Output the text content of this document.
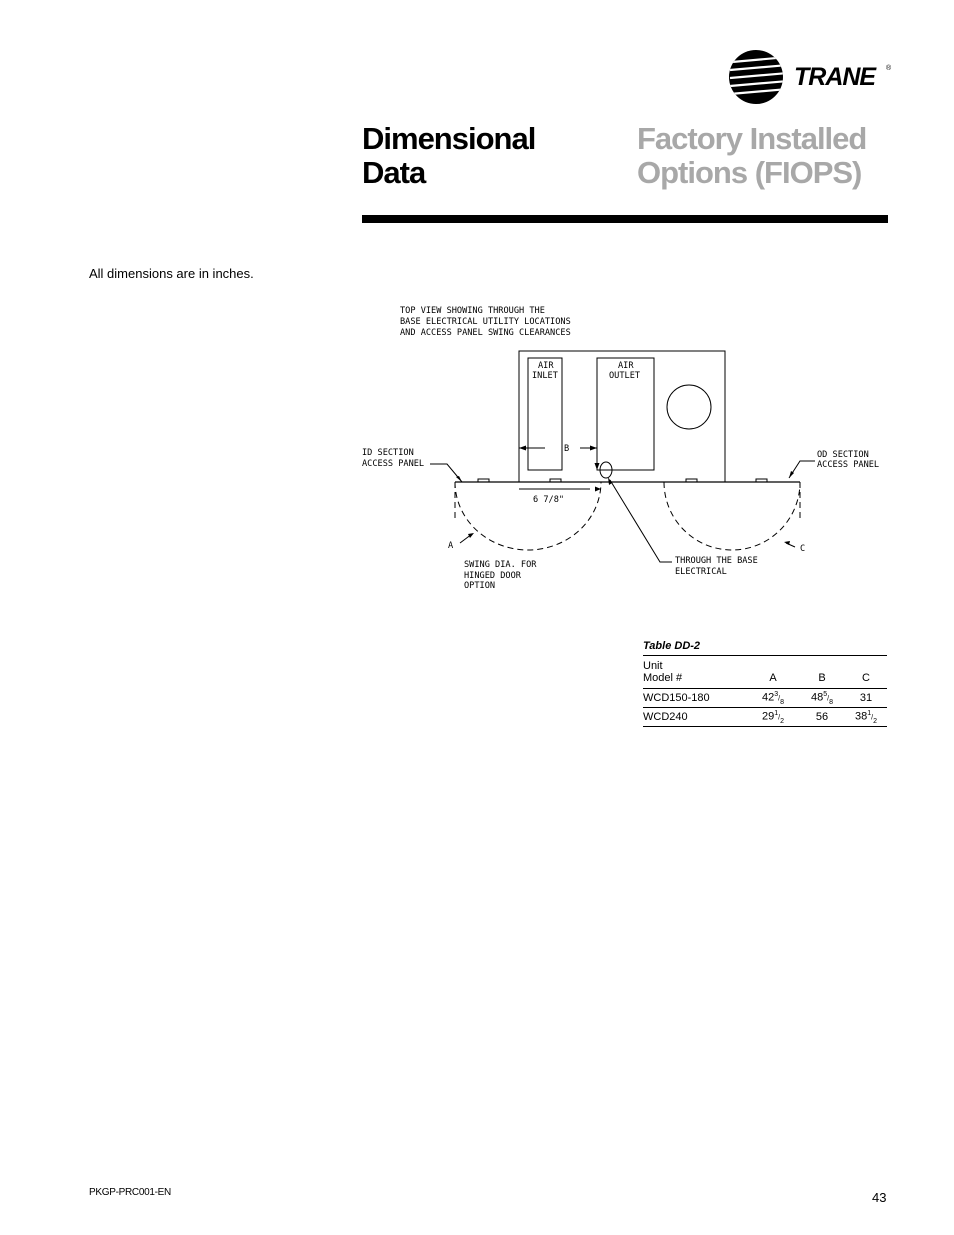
TRANE	®
Dimensional
Data
Factory Installed
Options (FIOPS)
All dimensions are in inches.
TOP VIEW SHOWING THROUGH THE
BASE ELECTRICAL UTILITY LOCATIONS
AND ACCESS PANEL SWING CLEARANCES
AIR
INLET
AIR
OUTLET
ID SECTION
ACCESS PANEL
OD SECTION
ACCESS PANEL
B
6 7/8"
A	C
SWING DIA. FOR
HINGED DOOR
OPTION
THROUGH THE BASE
ELECTRICAL
Table DD-2
Unit			
Model #	A	B	C
WCD150-180	$42^3/_8$	$48^5/_8$	31
WCD240	$29^1/_2$	56	$38^1/_2$
PKGP-PRC001-EN	43
